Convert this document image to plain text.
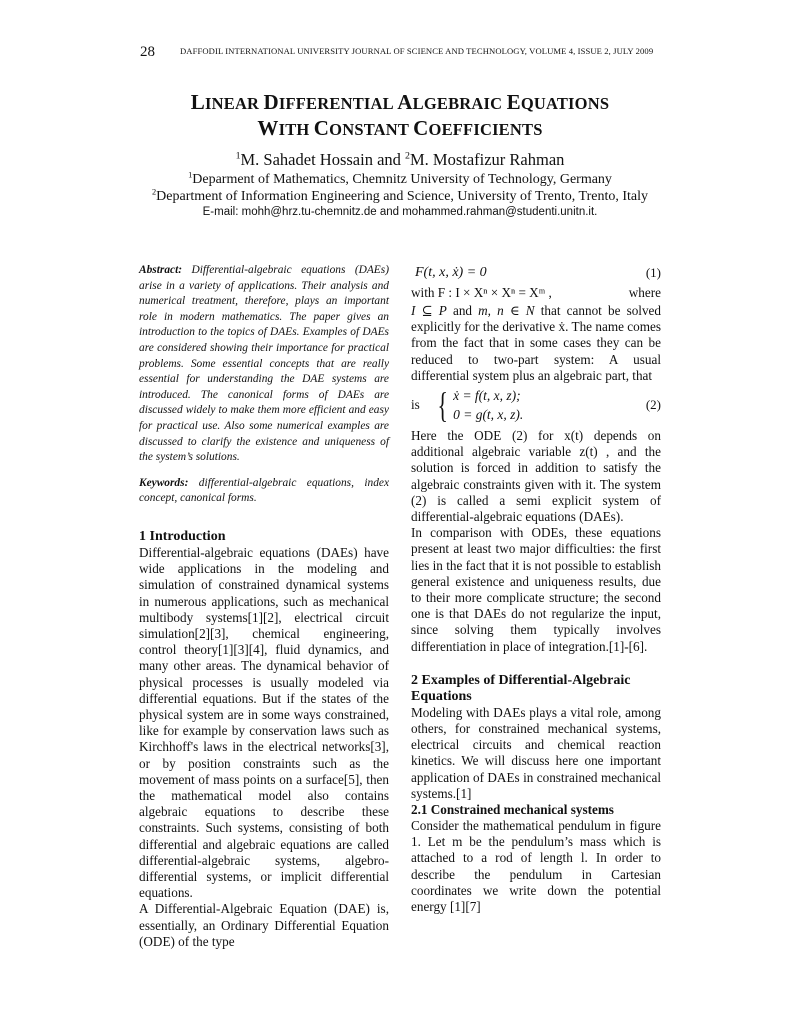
28	DAFFODIL INTERNATIONAL UNIVERSITY JOURNAL OF SCIENCE AND TECHNOLOGY, VOLUME 4, ISSUE 2, JULY 2009
LINEAR DIFFERENTIAL ALGEBRAIC EQUATIONS
WITH CONSTANT COEFFICIENTS
$^1$M. Sahadet Hossain and $^2$M. Mostafizur Rahman
$^1$Deparment of Mathematics, Chemnitz University of Technology, Germany
$^2$Department of Information Engineering and Science, University of Trento, Trento, Italy
E-mail: mohh@hrz.tu-chemnitz.de and mohammed.rahman@studenti.unitn.it.

Abstract: Differential-algebraic equations (DAEs) arise in a variety of applications. Their analysis and numerical treatment, therefore, plays an important role in modern mathematics. The paper gives an introduction to the topics of DAEs. Examples of DAEs are considered showing their importance for practical problems. Some essential concepts that are really essential for understanding the DAE systems are introduced. The canonical forms of DAEs are discussed widely to make them more efficient and easy for practical use. Also some numerical examples are discussed to clarify the existence and uniqueness of the system’s solutions.

Keywords: differential-algebraic equations, index concept, canonical forms.

1 Introduction

Differential-algebraic equations (DAEs) have wide applications in the modeling and simulation of constrained dynamical systems in numerous applications, such as mechanical multibody systems[1][2], electrical circuit simulation[2][3], chemical engineering, control theory[1][3][4], fluid dynamics, and many other areas. The dynamical behavior of physical processes is usually modeled via differential equations. But if the states of the physical system are in some ways constrained, like for example by conservation laws such as Kirchhoff's laws in the electrical networks[3], or by position constraints such as the movement of mass points on a surface[5], then the mathematical model also contains algebraic equations to describe these constraints. Such systems, consisting of both differential and algebraic equations are called differential-algebraic systems, algebro-differential systems, or implicit differential equations.

A Differential-Algebraic Equation (DAE) is, essentially, an Ordinary Differential Equation (ODE) of the type

F(t, x, ẋ) = 0	(1)
with F : I × Xⁿ × Xⁿ = Xᵐ ,	where

I ⊆ P and m, n ∈ N that cannot be solved explicitly for the derivative ẋ. The name comes from the fact that in some cases they can be reduced to two-part system: A usual differential system plus an algebraic part, that

is { ẋ = f(t, x, z);
0 = g(t, x, z).
(2)

Here the ODE (2) for x(t) depends on additional algebraic variable z(t) , and the solution is forced in addition to satisfy the algebraic constraints given with it. The system (2) is called a semi explicit system of differential-algebraic equations (DAEs).

In comparison with ODEs, these equations present at least two major difficulties: the first lies in the fact that it is not possible to establish general existence and uniqueness results, due to their more complicate structure; the second one is that DAEs do not regularize the input, since solving them typically involves differentiation in place of integration.[1]-[6].

2 Examples of Differential-Algebraic Equations

Modeling with DAEs plays a vital role, among others, for constrained mechanical systems, electrical circuits and chemical reaction kinetics. We will discuss here one important application of DAEs in constrained mechanical systems.[1]

2.1 Constrained mechanical systems

Consider the mathematical pendulum in figure 1. Let m be the pendulum’s mass which is attached to a rod of length l. In order to describe the pendulum in Cartesian coordinates we write down the potential energy [1][7]
